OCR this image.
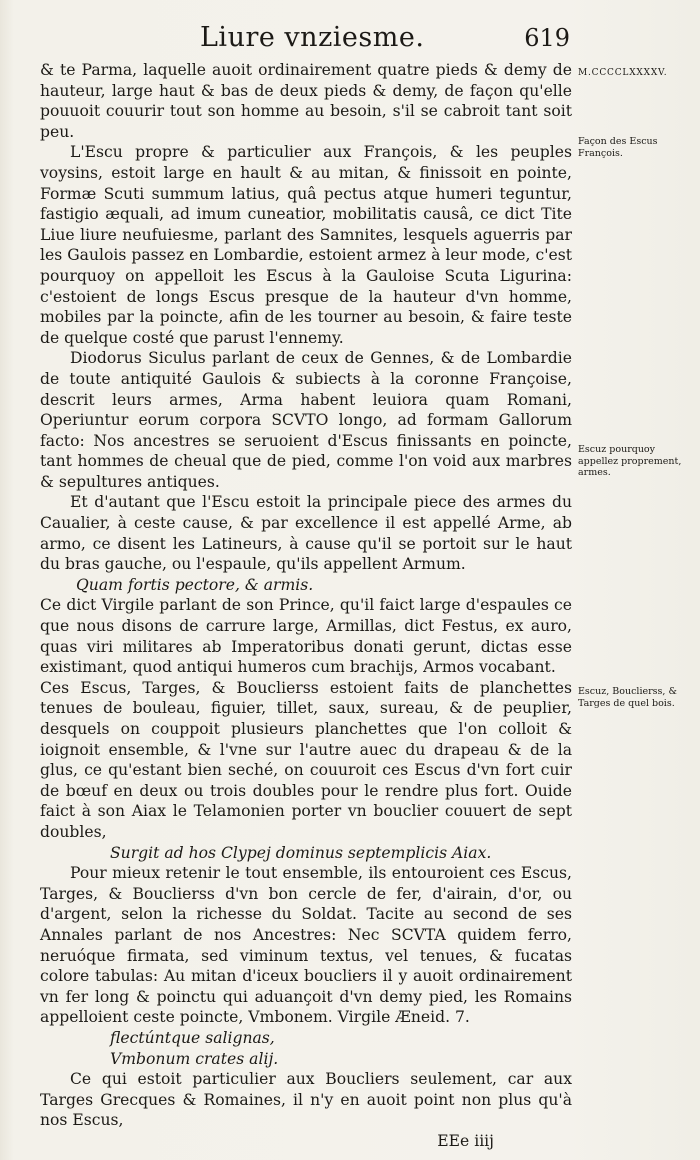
Liure vnziesme.	619

& te Parma, laquelle auoit ordinairement quatre pieds & demy de hauteur, large haut & bas de deux pieds & demy, de façon qu'elle pouuoit couurir tout son homme au besoin, s'il se cabroit tant soit peu.

L'Escu propre & particulier aux François, & les peuples voysins, estoit large en hault & au mitan, & finissoit en pointe, Formæ Scuti summum latius, quâ pectus atque humeri teguntur, fastigio æquali, ad imum cuneatior, mobilitatis causâ, ce dict Tite Liue liure neufuiesme, parlant des Samnites, lesquels aguerris par les Gaulois passez en Lombardie, estoient armez à leur mode, c'est pourquoy on appelloit les Escus à la Gauloise Scuta Ligurina: c'estoient de longs Escus presque de la hauteur d'vn homme, mobiles par la poincte, afin de les tourner au besoin, & faire teste de quelque costé que parust l'ennemy.

Diodorus Siculus parlant de ceux de Gennes, & de Lombardie de toute antiquité Gaulois & subiects à la coronne Françoise, descrit leurs armes, Arma habent leuiora quam Romani, Operiuntur eorum corpora SCVTO longo, ad formam Gallorum facto: Nos ancestres se seruoient d'Escus finissants en poincte, tant hommes de cheual que de pied, comme l'on void aux marbres & sepultures antiques.

Et d'autant que l'Escu estoit la principale piece des armes du Caualier, à ceste cause, & par excellence il est appellé Arme, ab armo, ce disent les Latineurs, à cause qu'il se portoit sur le haut du bras gauche, ou l'espaule, qu'ils appellent Armum.

Quam fortis pectore, & armis.

Ce dict Virgile parlant de son Prince, qu'il faict large d'espaules ce que nous disons de carrure large, Armillas, dict Festus, ex auro, quas viri militares ab Imperatoribus donati gerunt, dictas esse existimant, quod antiqui humeros cum brachijs, Armos vocabant.

Ces Escus, Targes, & Bouclierss estoient faits de planchettes tenues de bouleau, figuier, tillet, saux, sureau, & de peuplier, desquels on couppoit plusieurs planchettes que l'on colloit & ioignoit ensemble, & l'vne sur l'autre auec du drapeau & de la glus, ce qu'estant bien seché, on couuroit ces Escus d'vn fort cuir de bœuf en deux ou trois doubles pour le rendre plus fort. Ouide faict à son Aiax le Telamonien porter vn bouclier couuert de sept doubles,

Surgit ad hos Clypej dominus septemplicis Aiax.

Pour mieux retenir le tout ensemble, ils entouroient ces Escus, Targes, & Bouclierss d'vn bon cercle de fer, d'airain, d'or, ou d'argent, selon la richesse du Soldat. Tacite au second de ses Annales parlant de nos Ancestres: Nec SCVTA quidem ferro, neruóque firmata, sed viminum textus, vel tenues, & fucatas colore tabulas: Au mitan d'iceux boucliers il y auoit ordinairement vn fer long & poinctu qui aduançoit d'vn demy pied, les Romains appelloient ceste poincte, Vmbonem. Virgile Æneid. 7.

flectúntque salignas,

Vmbonum crates alij.

Ce qui estoit particulier aux Boucliers seulement, car aux Targes Grecques & Romaines, il n'y en auoit point non plus qu'à nos Escus,

EEe iiij

M.CCCCLXXXXV.
Façon des Escus François.
Escuz pourquoy appellez proprement, armes.
Escuz, Bouclierss, & Targes de quel bois.
